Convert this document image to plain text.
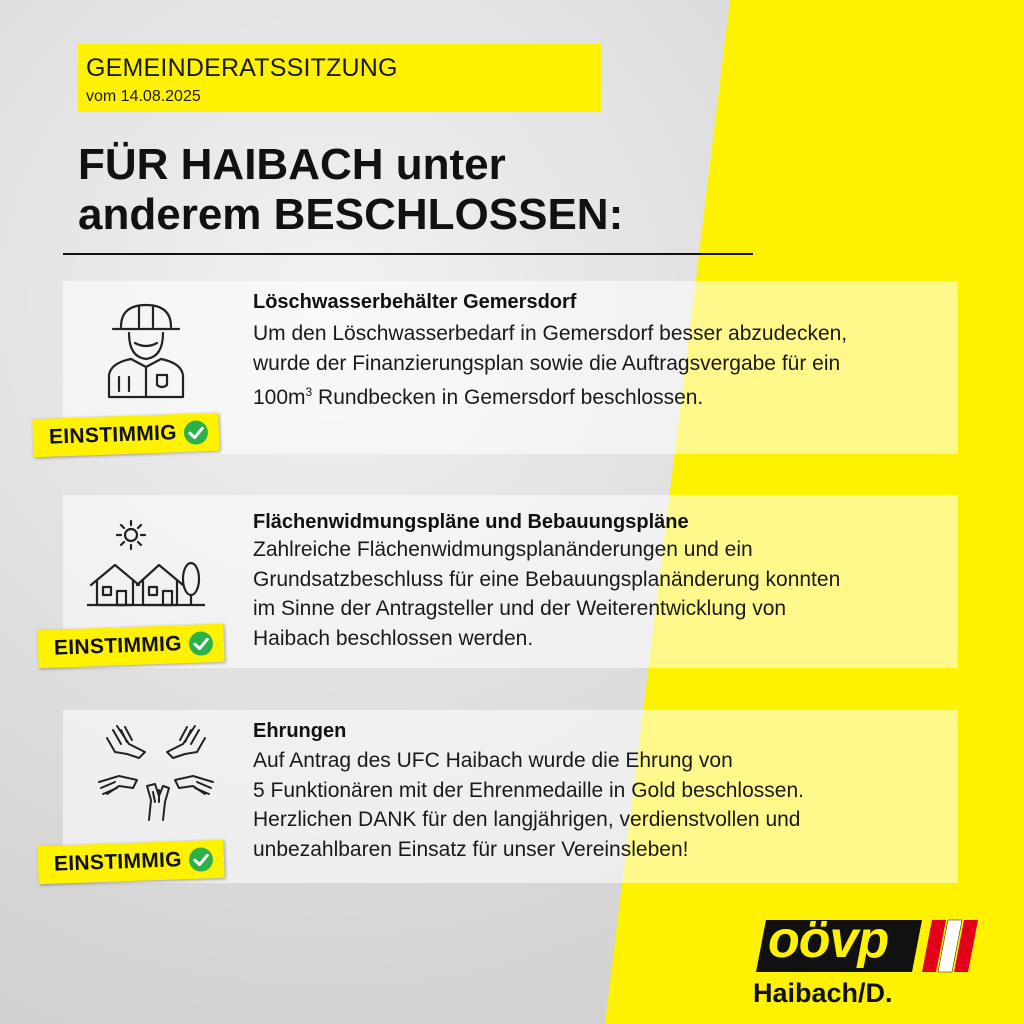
GEMEINDERATSSITZUNG
vom 14.08.2025
FÜR HAIBACH unter
anderem BESCHLOSSEN:
Löschwasserbehälter Gemersdorf
Um den Löschwasserbedarf in Gemersdorf besser abzudecken,
wurde der Finanzierungsplan sowie die Auftragsvergabe für ein
$100m^3$ Rundbecken in Gemersdorf beschlossen.
EINSTIMMIG
Flächenwidmungspläne und Bebauungspläne
Zahlreiche Flächenwidmungsplanänderungen und ein
Grundsatzbeschluss für eine Bebauungsplanänderung konnten
im Sinne der Antragsteller und der Weiterentwicklung von
Haibach beschlossen werden.
EINSTIMMIG
Ehrungen
Auf Antrag des UFC Haibach wurde die Ehrung von
5 Funktionären mit der Ehrenmedaille in Gold beschlossen.
Herzlichen DANK für den langjährigen, verdienstvollen und
unbezahlbaren Einsatz für unser Vereinsleben!
EINSTIMMIG
oövp
Haibach/D.
